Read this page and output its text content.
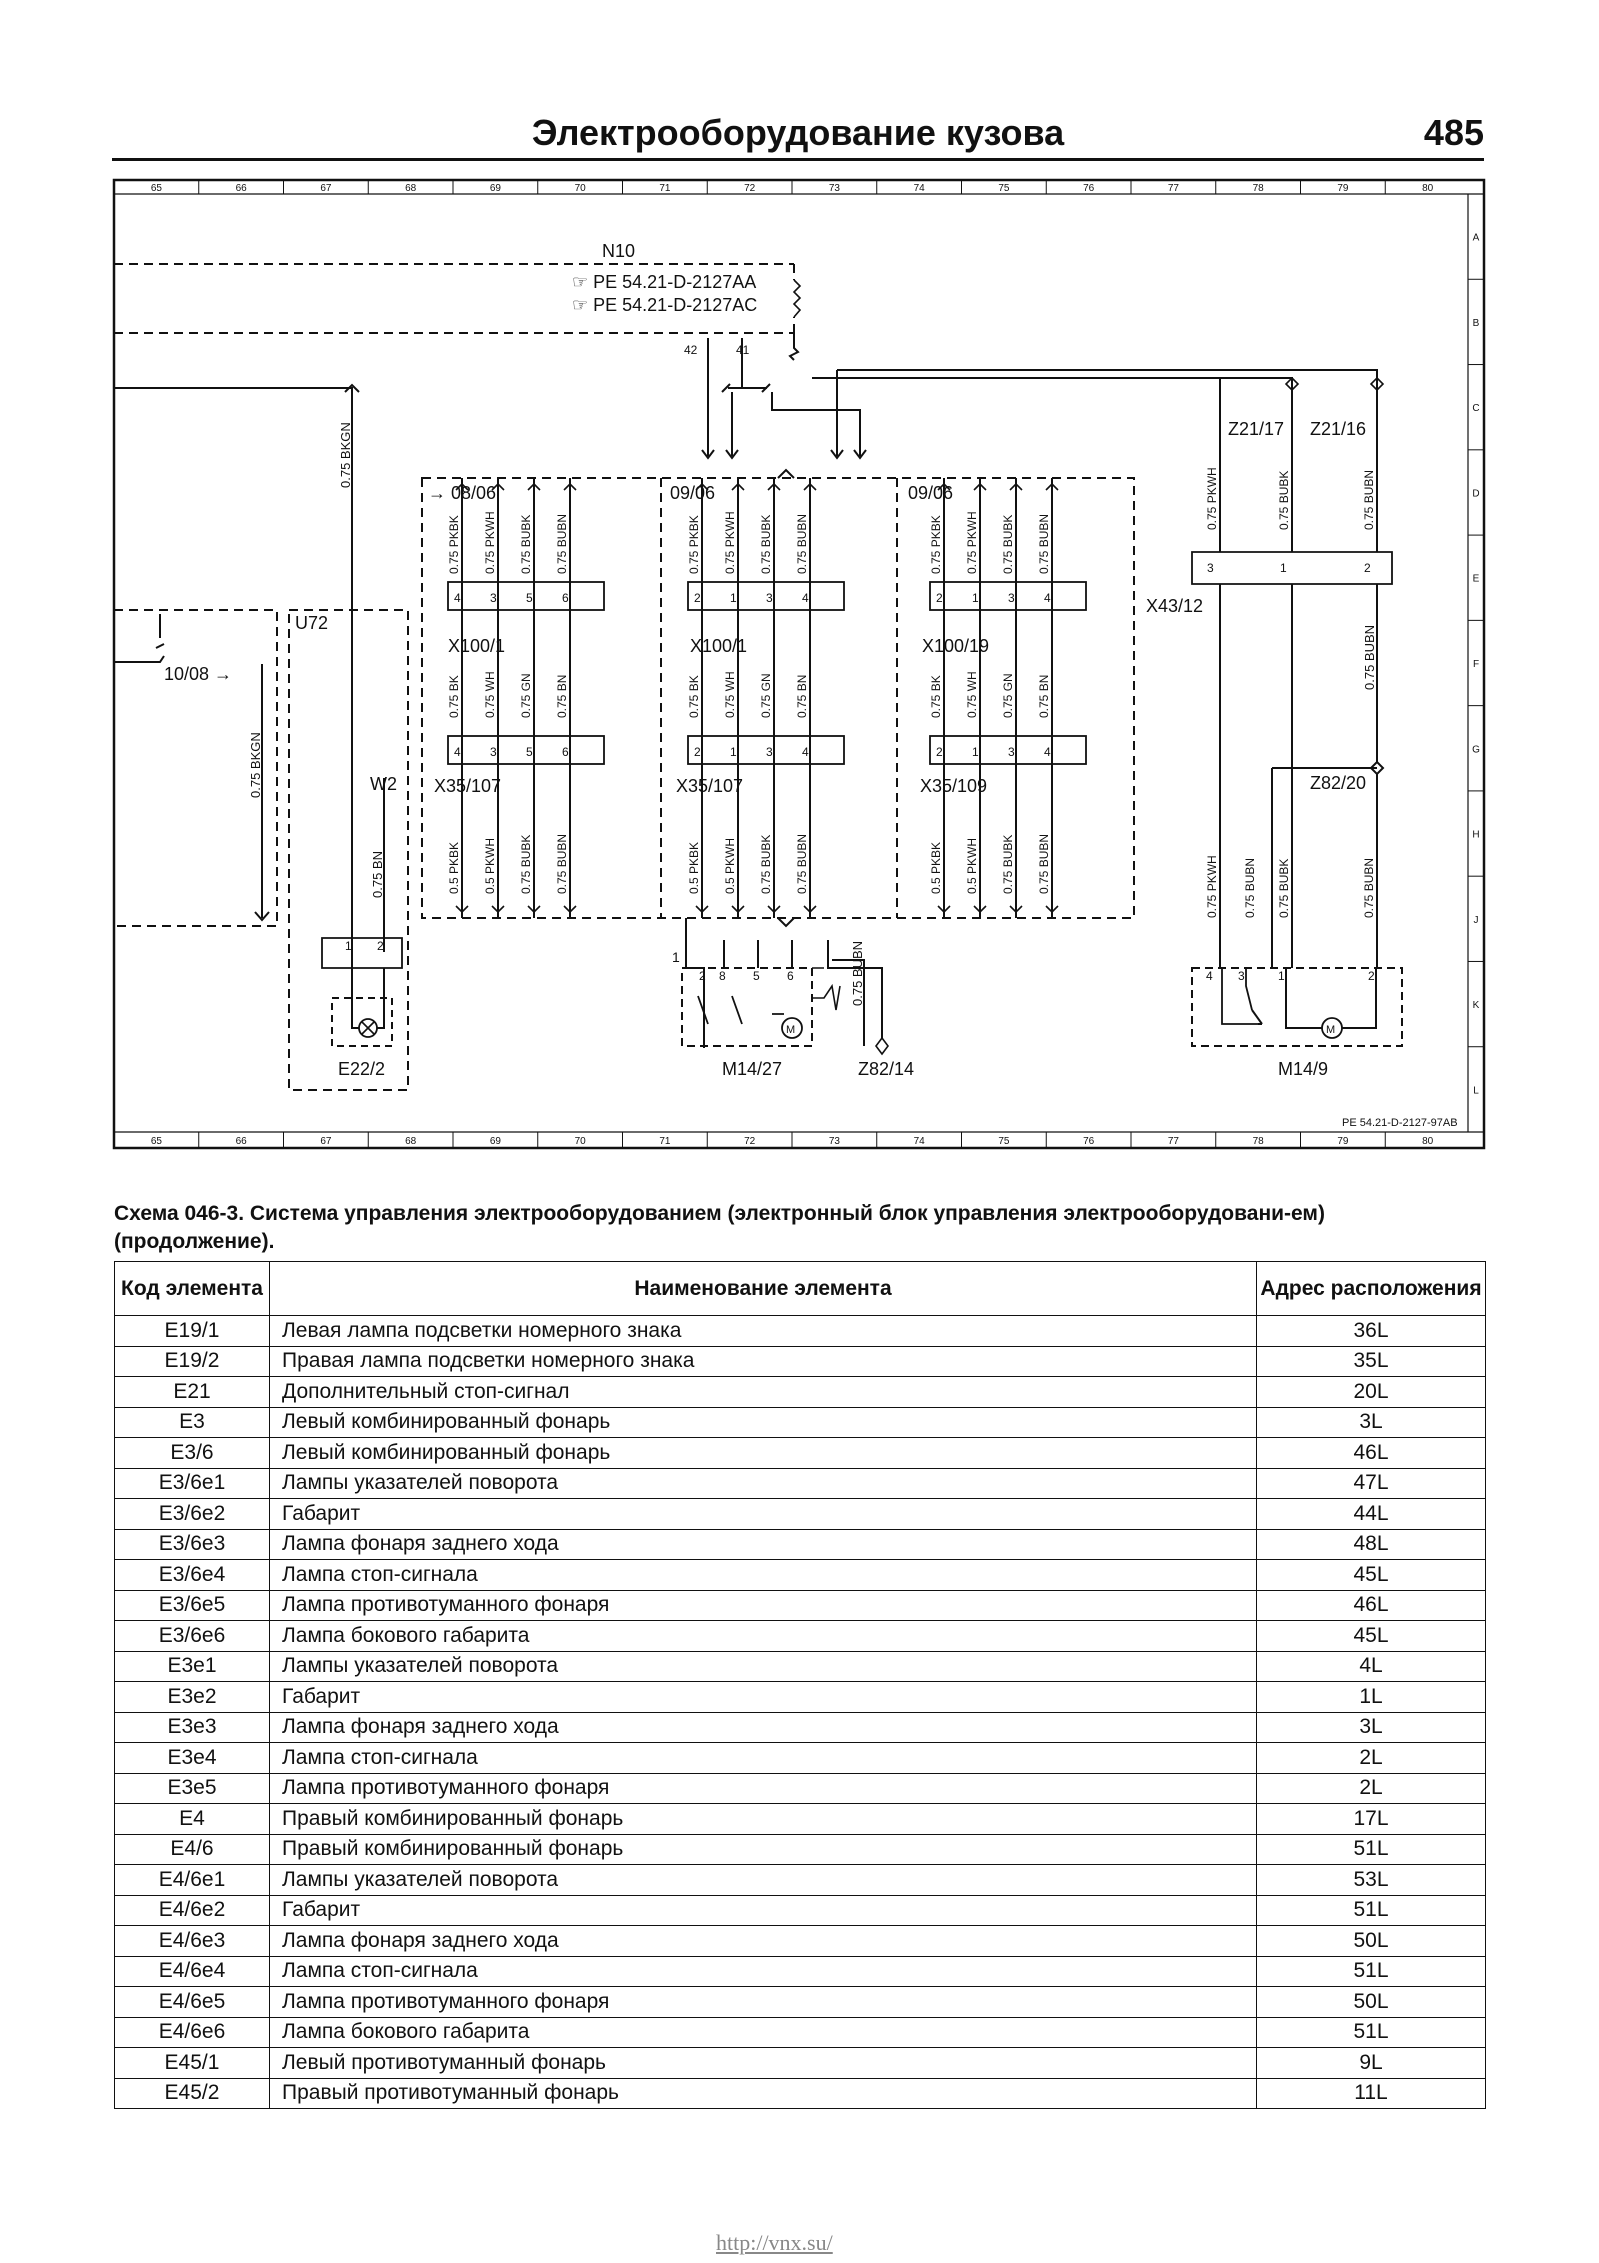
Электрооборудование кузова	485
65	66	67	68	69	70	71	72	73	74	75	76	77	78	79	80
65	66	67	68	69	70	71	72	73	74	75	76	77	78	79	80
A
B
C
D
E
F
G
H
J
K
L
4
4
0.75 PKBK
0.75 BK
0.5 PKBK
3
3
0.75 PKWH
0.75 WH
0.5 PKWH
5
5
0.75 BUBK
0.75 GN
0.75 BUBK
6
6
0.75 BUBN
0.75 BN
0.75 BUBN
2
2
0.75 PKBK
0.75 BK
0.5 PKBK
1
1
0.75 PKWH
0.75 WH
0.5 PKWH
3
3
0.75 BUBK
0.75 GN
0.75 BUBK
4
4
0.75 BUBN
0.75 BN
0.75 BUBN
2
2
0.75 PKBK
0.75 BK
0.5 PKBK
1
1
0.75 PKWH
0.75 WH
0.5 PKWH
3
3
0.75 BUBK
0.75 GN
0.75 BUBK
4
4
0.75 BUBN
0.75 BN
0.75 BUBN
0.75 PKWH	0.75 BUBK	0.75 BUBN
0.75 PKWH 0.75 BUBN 0.75 BUBK	0.75 BUBN
N10
☞ PE 54.21-D-2127AA
☞ PE 54.21-D-2127AC
Z21/17 Z21/16
→ 08/06	09/06	09/06
U72
10/08 →
X100/1	X100/1	X100/19
X43/12
X35/107	X35/107	X35/109
W2	Z82/20
E22/2	M14/27	Z82/14	M14/9
42	41
1
PE 54.21-D-2127-97AB
1 2
2 8 5 6	4 3	1	2
3	1	2
M	M
0.75 BKGN
0.75 BKGN
0.75 BN
0.75 BUBN
0.75 BUBN
Схема 046-3. Система управления электрооборудованием (электронный блок управления электрооборудовани-ем) (продолжение).
Код элемента	Наименование элемента	Адрес расположения
E19/1	Левая лампа подсветки номерного знака	36L
E19/2	Правая лампа подсветки номерного знака	35L
E21	Дополнительный стоп-сигнал	20L
E3	Левый комбинированный фонарь	3L
E3/6	Левый комбинированный фонарь	46L
E3/6e1	Лампы указателей поворота	47L
E3/6e2	Габарит	44L
E3/6e3	Лампа фонаря заднего хода	48L
E3/6e4	Лампа стоп-сигнала	45L
E3/6e5	Лампа противотуманного фонаря	46L
E3/6e6	Лампа бокового габарита	45L
E3e1	Лампы указателей поворота	4L
E3e2	Габарит	1L
E3e3	Лампа фонаря заднего хода	3L
E3e4	Лампа стоп-сигнала	2L
E3e5	Лампа противотуманного фонаря	2L
E4	Правый комбинированный фонарь	17L
E4/6	Правый комбинированный фонарь	51L
E4/6e1	Лампы указателей поворота	53L
E4/6e2	Габарит	51L
E4/6e3	Лампа фонаря заднего хода	50L
E4/6e4	Лампа стоп-сигнала	51L
E4/6e5	Лампа противотуманного фонаря	50L
E4/6e6	Лампа бокового габарита	51L
E45/1	Левый противотуманный фонарь	9L
E45/2	Правый противотуманный фонарь	11L
http://vnx.su/
